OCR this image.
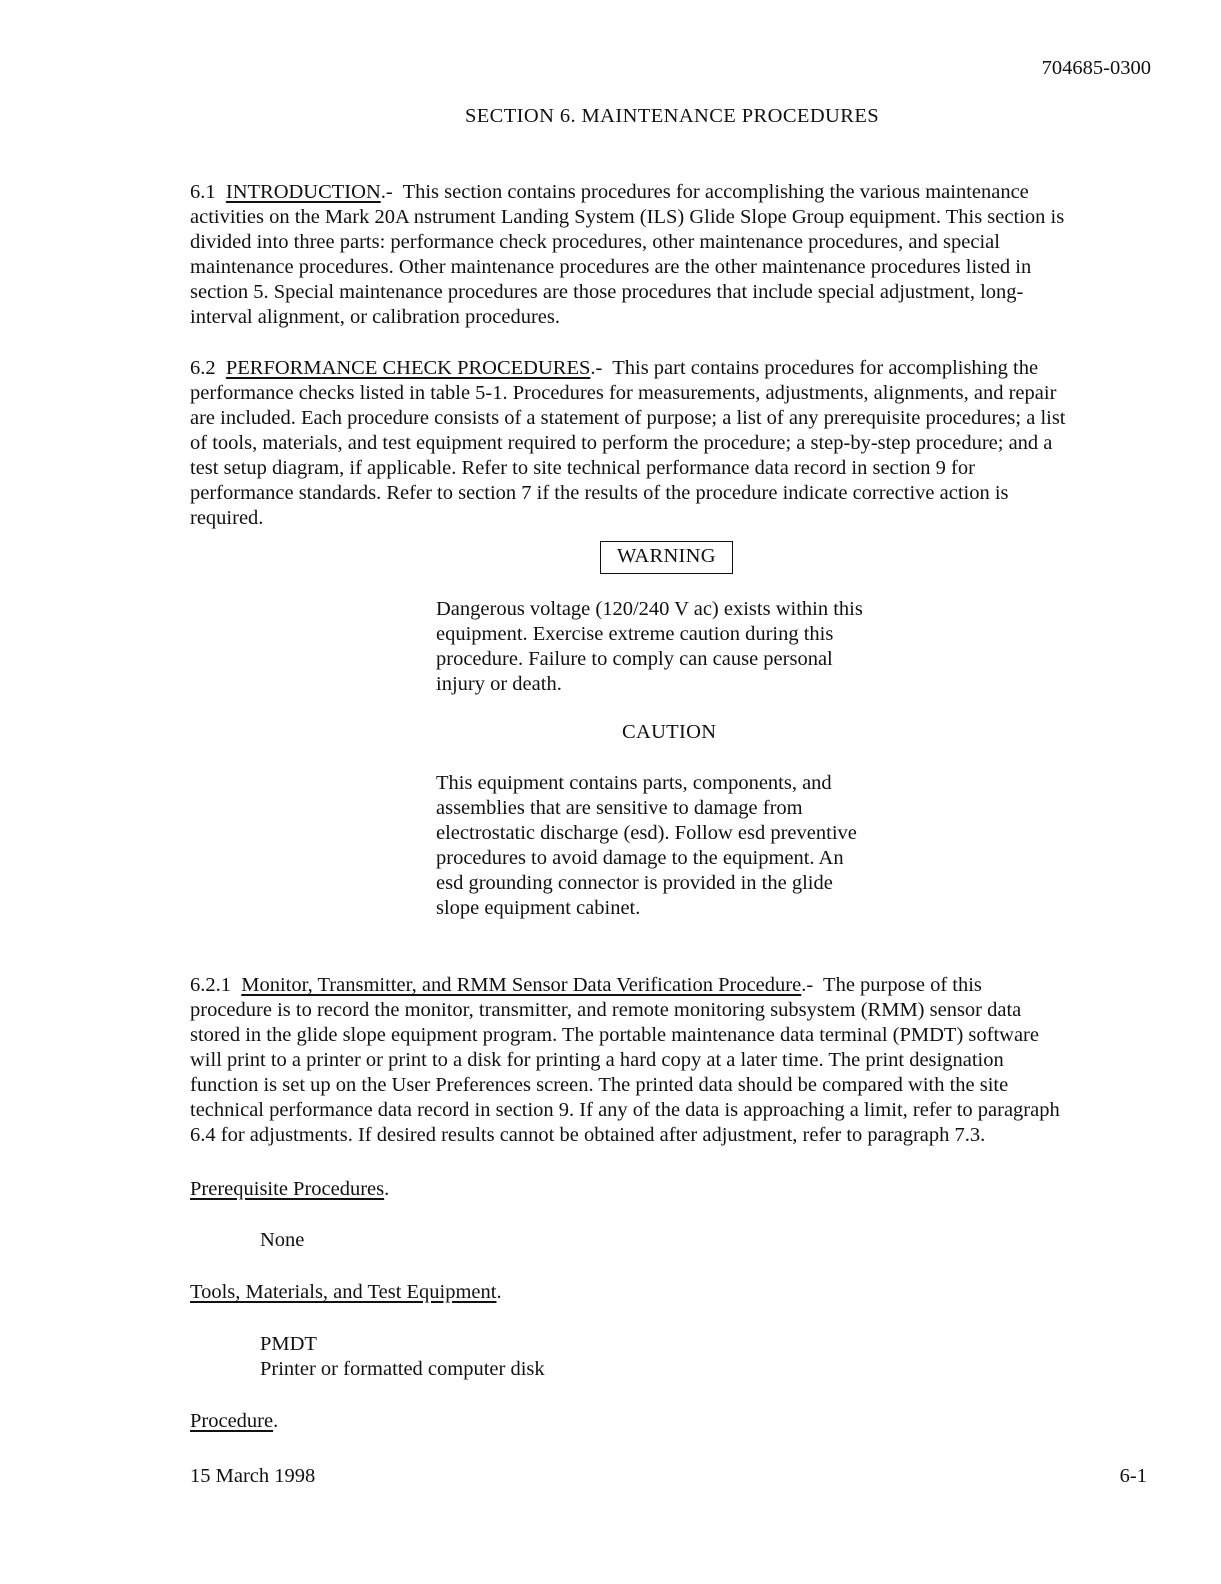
704685-0300
SECTION 6. MAINTENANCE PROCEDURES
6.1 INTRODUCTION.- This section contains procedures for accomplishing the various maintenance
activities on the Mark 20A nstrument Landing System (ILS) Glide Slope Group equipment. This section is
divided into three parts: performance check procedures, other maintenance procedures, and special
maintenance procedures. Other maintenance procedures are the other maintenance procedures listed in
section 5. Special maintenance procedures are those procedures that include special adjustment, long-
interval alignment, or calibration procedures.
6.2 PERFORMANCE CHECK PROCEDURES.- This part contains procedures for accomplishing the
performance checks listed in table 5-1. Procedures for measurements, adjustments, alignments, and repair
are included. Each procedure consists of a statement of purpose; a list of any prerequisite procedures; a list
of tools, materials, and test equipment required to perform the procedure; a step-by-step procedure; and a
test setup diagram, if applicable. Refer to site technical performance data record in section 9 for
performance standards. Refer to section 7 if the results of the procedure indicate corrective action is
required.
WARNING
Dangerous voltage (120/240 V ac) exists within this
equipment. Exercise extreme caution during this
procedure. Failure to comply can cause personal
injury or death.
CAUTION
This equipment contains parts, components, and
assemblies that are sensitive to damage from
electrostatic discharge (esd). Follow esd preventive
procedures to avoid damage to the equipment. An
esd grounding connector is provided in the glide
slope equipment cabinet.
6.2.1 Monitor, Transmitter, and RMM Sensor Data Verification Procedure.- The purpose of this
procedure is to record the monitor, transmitter, and remote monitoring subsystem (RMM) sensor data
stored in the glide slope equipment program. The portable maintenance data terminal (PMDT) software
will print to a printer or print to a disk for printing a hard copy at a later time. The print designation
function is set up on the User Preferences screen. The printed data should be compared with the site
technical performance data record in section 9. If any of the data is approaching a limit, refer to paragraph
6.4 for adjustments. If desired results cannot be obtained after adjustment, refer to paragraph 7.3.
Prerequisite Procedures.
None
Tools, Materials, and Test Equipment.
PMDT
Printer or formatted computer disk
Procedure.
15 March 1998	6-1
